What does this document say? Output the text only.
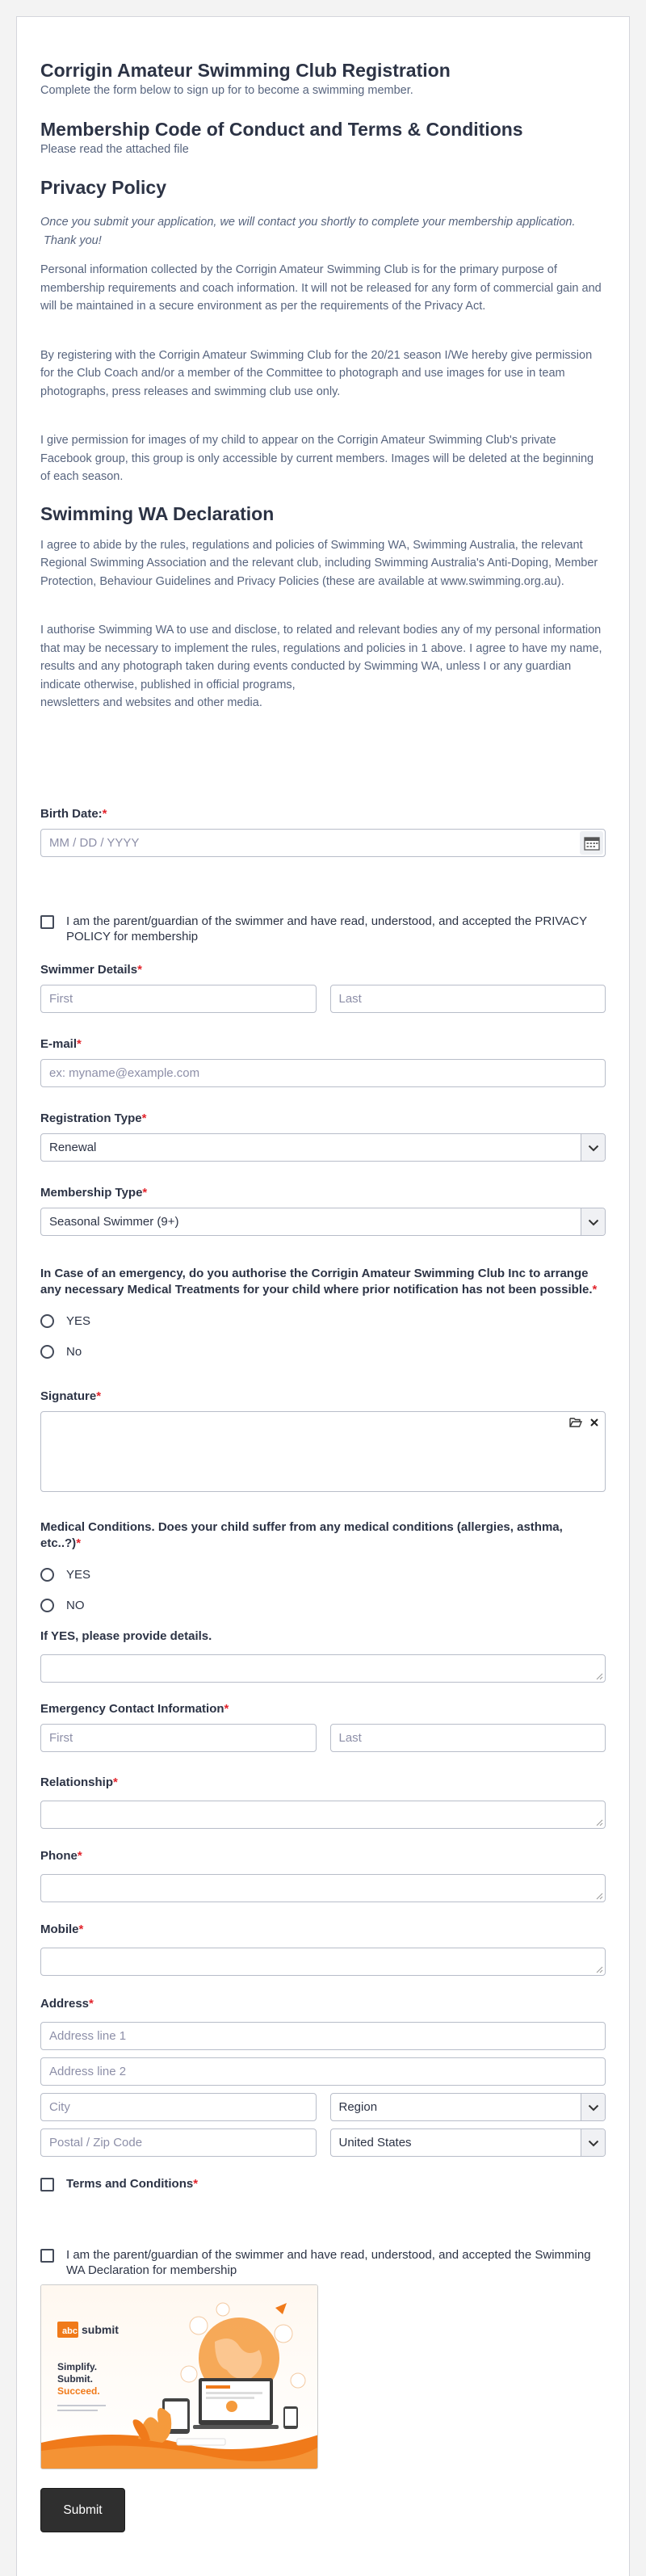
Corrigin Amateur Swimming Club Registration

Complete the form below to sign up for to become a swimming member.

Membership Code of Conduct and Terms & Conditions

Please read the attached file

Privacy Policy

Once you submit your application, we will contact you shortly to complete your membership application.
Thank you!

Personal information collected by the Corrigin Amateur Swimming Club is for the primary purpose of membership requirements and coach information. It will not be released for any form of commercial gain and will be maintained in a secure environment as per the requirements of the Privacy Act.

By registering with the Corrigin Amateur Swimming Club for the 20/21 season I/We hereby give permission for the Club Coach and/or a member of the Committee to photograph and use images for use in team photographs, press releases and swimming club use only.

I give permission for images of my child to appear on the Corrigin Amateur Swimming Club's private Facebook group, this group is only accessible by current members. Images will be deleted at the beginning of each season.

Swimming WA Declaration

I agree to abide by the rules, regulations and policies of Swimming WA, Swimming Australia, the relevant Regional Swimming Association and the relevant club, including Swimming Australia's Anti-Doping, Member Protection, Behaviour Guidelines and Privacy Policies (these are available at www.swimming.org.au).

I authorise Swimming WA to use and disclose, to related and relevant bodies any of my personal information that may be necessary to implement the rules, regulations and policies in 1 above. I agree to have my name, results and any photograph taken during events conducted by Swimming WA, unless I or any guardian indicate otherwise, published in official programs,
newsletters and websites and other media.

Birth Date:*
MM / DD / YYYY
I am the parent/guardian of the swimmer and have read, understood, and accepted the PRIVACY POLICY for membership
Swimmer Details*
First	Last
E-mail*
ex: myname@example.com
Registration Type*
Renewal
Membership Type*
Seasonal Swimmer (9+)
In Case of an emergency, do you authorise the Corrigin Amateur Swimming Club Inc to arrange any necessary Medical Treatments for your child where prior notification has not been possible.*
YES
No
Signature*
Medical Conditions. Does your child suffer from any medical conditions (allergies, asthma, etc..?)*
YES
NO
If YES, please provide details.
Emergency Contact Information*
First	Last
Relationship*
Phone*
Mobile*
Address*
Address line 1
Address line 2
City	Region
Postal / Zip Code	United States
Terms and Conditions*
I am the parent/guardian of the swimmer and have read, understood, and accepted the Swimming WA Declaration for membership
abc submit
Simplify.
Submit.
Succeed.
Submit
